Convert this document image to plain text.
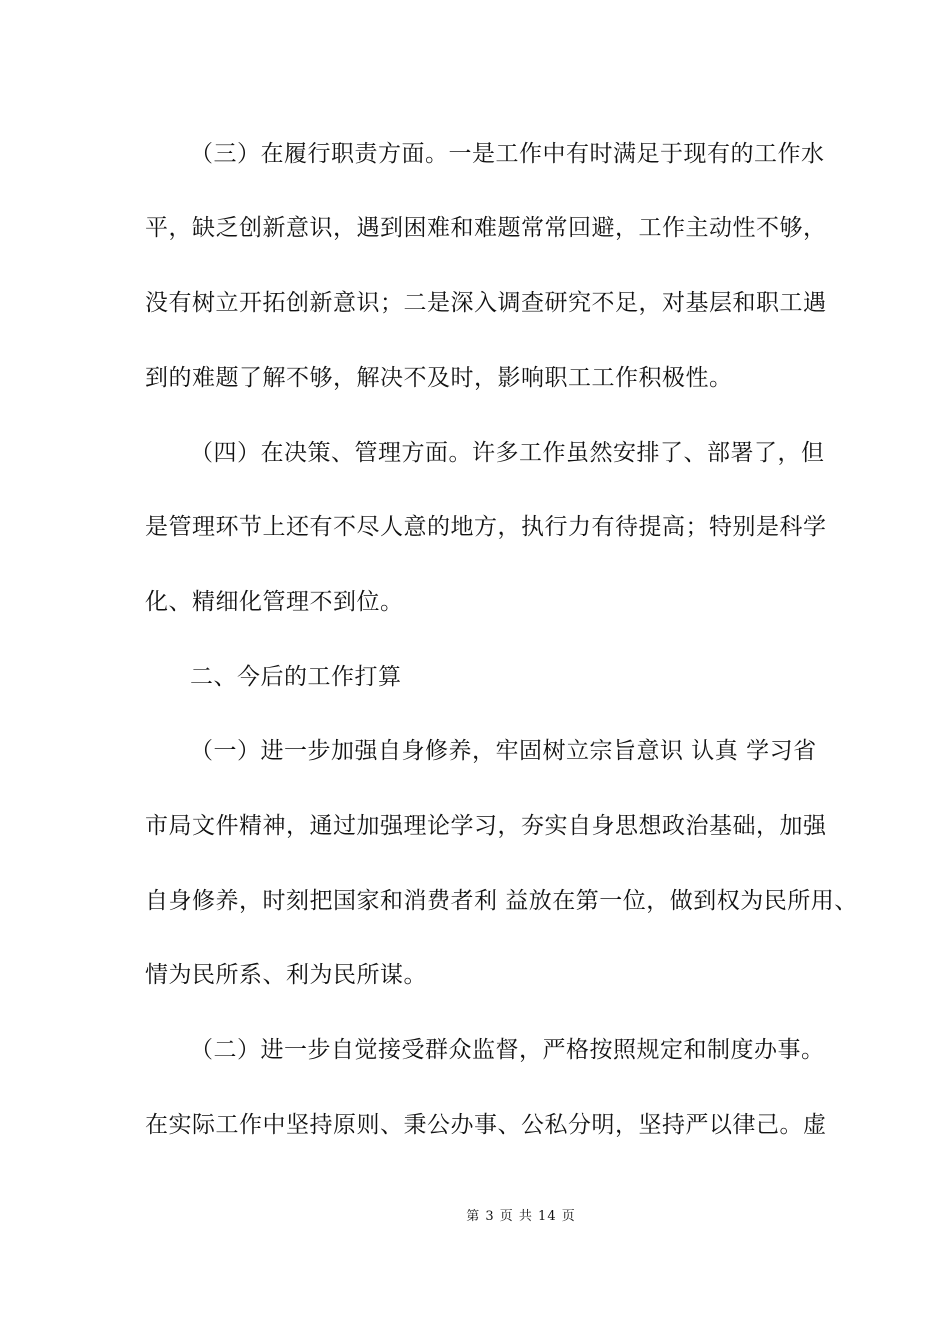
（三）在履行职责方面。一是工作中有时满足于现有的工作水
平，缺乏创新意识，遇到困难和难题常常回避，工作主动性不够，
没有树立开拓创新意识；二是深入调查研究不足，对基层和职工遇
到的难题了解不够，解决不及时，影响职工工作积极性。
（四）在决策、管理方面。许多工作虽然安排了、部署了，但
是管理环节上还有不尽人意的地方，执行力有待提高；特别是科学
化、精细化管理不到位。
二、今后的工作打算
（一）进一步加强自身修养，牢固树立宗旨意识 认真 学习省
市局文件精神，通过加强理论学习，夯实自身思想政治基础，加强
自身修养，时刻把国家和消费者利 益放在第一位，做到权为民所用、
情为民所系、利为民所谋。
（二）进一步自觉接受群众监督，严格按照规定和制度办事。
在实际工作中坚持原则、秉公办事、公私分明，坚持严以律己。虚
第 3 页 共 14 页
